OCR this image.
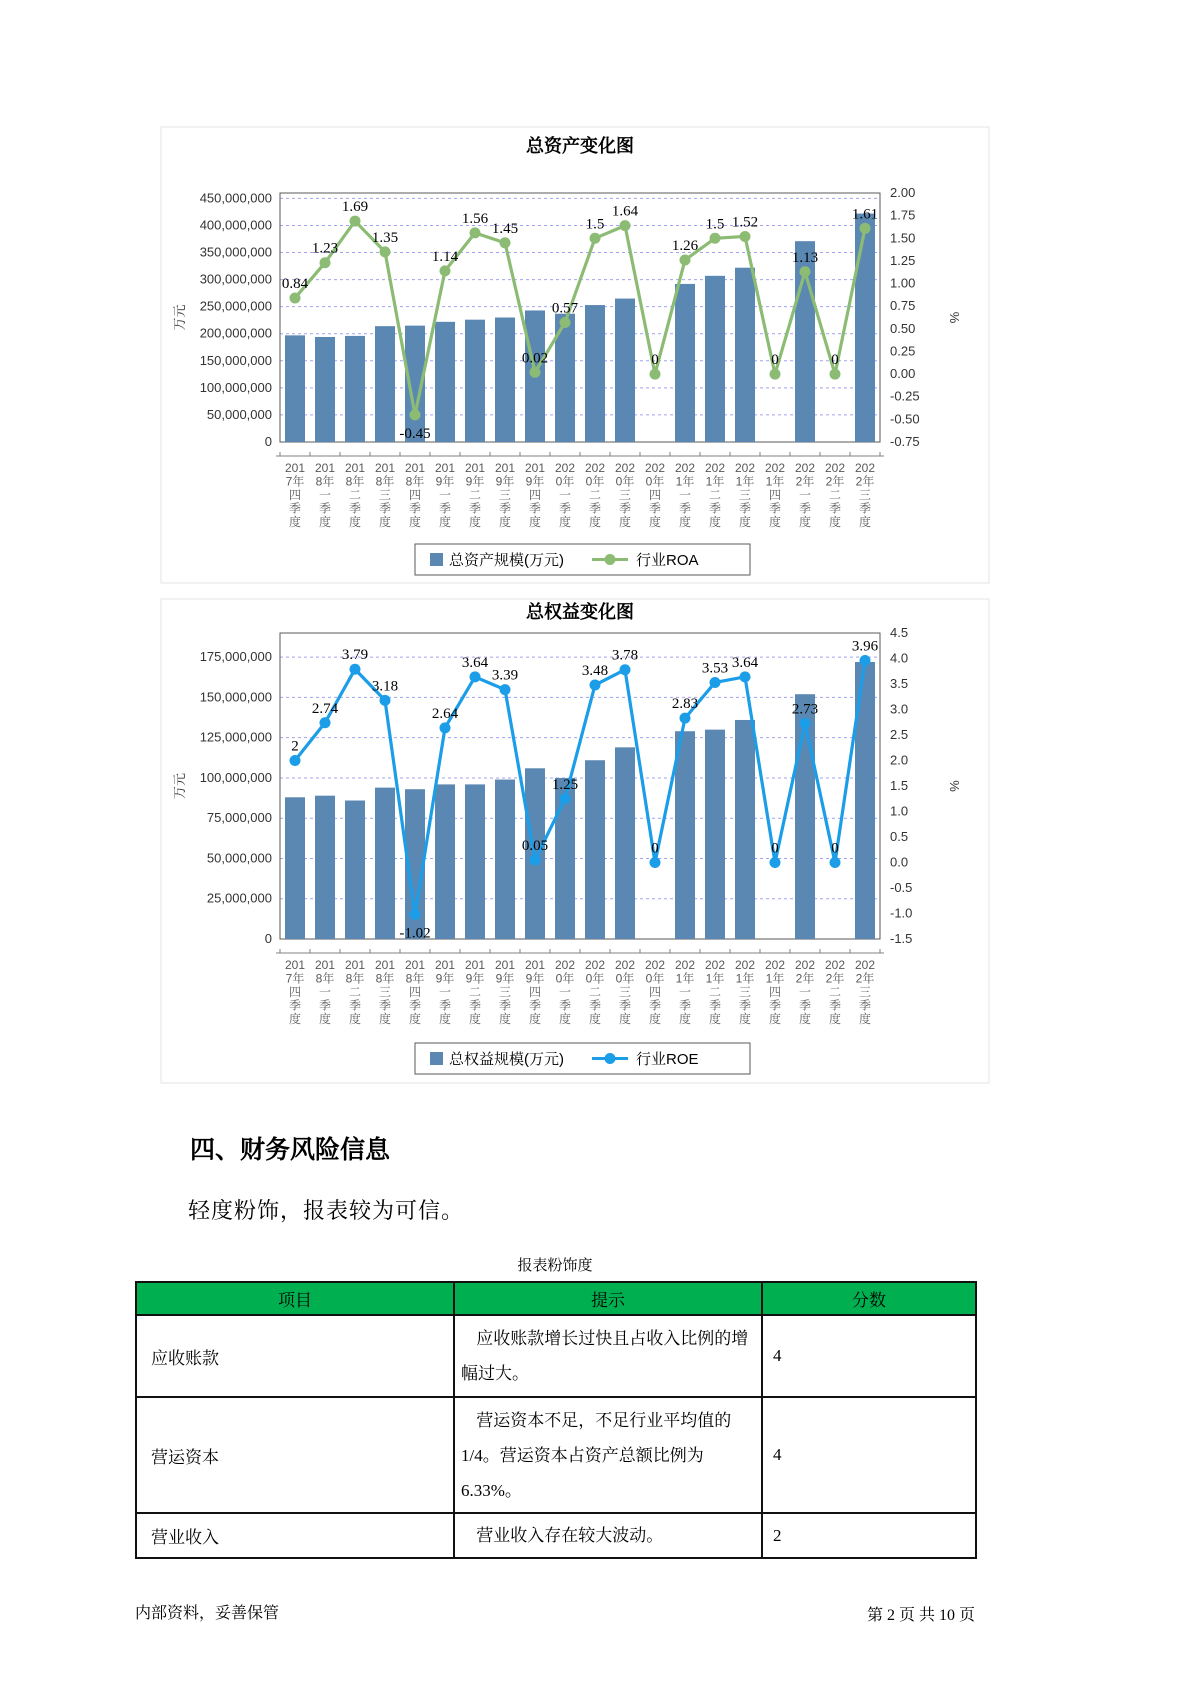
总资产变化图
0
50,000,000
100,000,000
150,000,000
200,000,000
250,000,000
300,000,000
350,000,000
400,000,000
450,000,000	2.00
1.75
1.50
1.25
1.00
0.75
0.50
0.25
0.00
-0.25
-0.50
-0.75
万元	%
201 7年四季度
201 8年一季度
201 8年二季度
201 8年三季度
201 8年四季度
201 9年一季度
201 9年二季度
201 9年三季度
201 9年四季度
202 0年一季度
202 0年二季度
202 0年三季度
202 0年四季度
202 1年一季度
202 1年二季度
202 1年三季度
202 1年四季度
202 2年一季度
202 2年二季度
202 2年三季度
0.84
1.23
1.69
1.35
-0.45
1.14
1.56
1.45
0.02
0.57
1.5
1.64
0
1.26
1.5 1.52
0
1.13
0
1.61
总资产规模(万元)	行业ROA
总权益变化图
0
25,000,000
50,000,000
75,000,000
100,000,000
125,000,000
150,000,000
175,000,000
4.5
4.0
3.5
3.0
2.5
2.0
1.5
1.0
0.5
0.0
-0.5
-1.0
-1.5
万元	%
201 7年四季度
201 8年一季度
201 8年二季度
201 8年三季度
201 8年四季度
201 9年一季度
201 9年二季度
201 9年三季度
201 9年四季度
202 0年一季度
202 0年二季度
202 0年三季度
202 0年四季度
202 1年一季度
202 1年二季度
202 1年三季度
202 1年四季度
202 2年一季度
202 2年二季度
202 2年三季度
2
2.74
3.79
3.18
-1.02
2.64
3.64
3.39
0.05
1.25
3.48
3.78
0
2.83
3.53 3.64
0
2.73
0
3.96
总权益规模(万元)	行业ROE
四、财务风险信息
轻度粉饰，报表较为可信。
报表粉饰度
项目	提示	分数
应收账款	应收账款增长过快且占收入比例的增幅过大。	4
营运资本	营运资本不足，不足行业平均值的1/4。营运资本占资产总额比例为6.33%。	4
营业收入	营业收入存在较大波动。	2
内部资料，妥善保管	第 2 页 共 10 页
